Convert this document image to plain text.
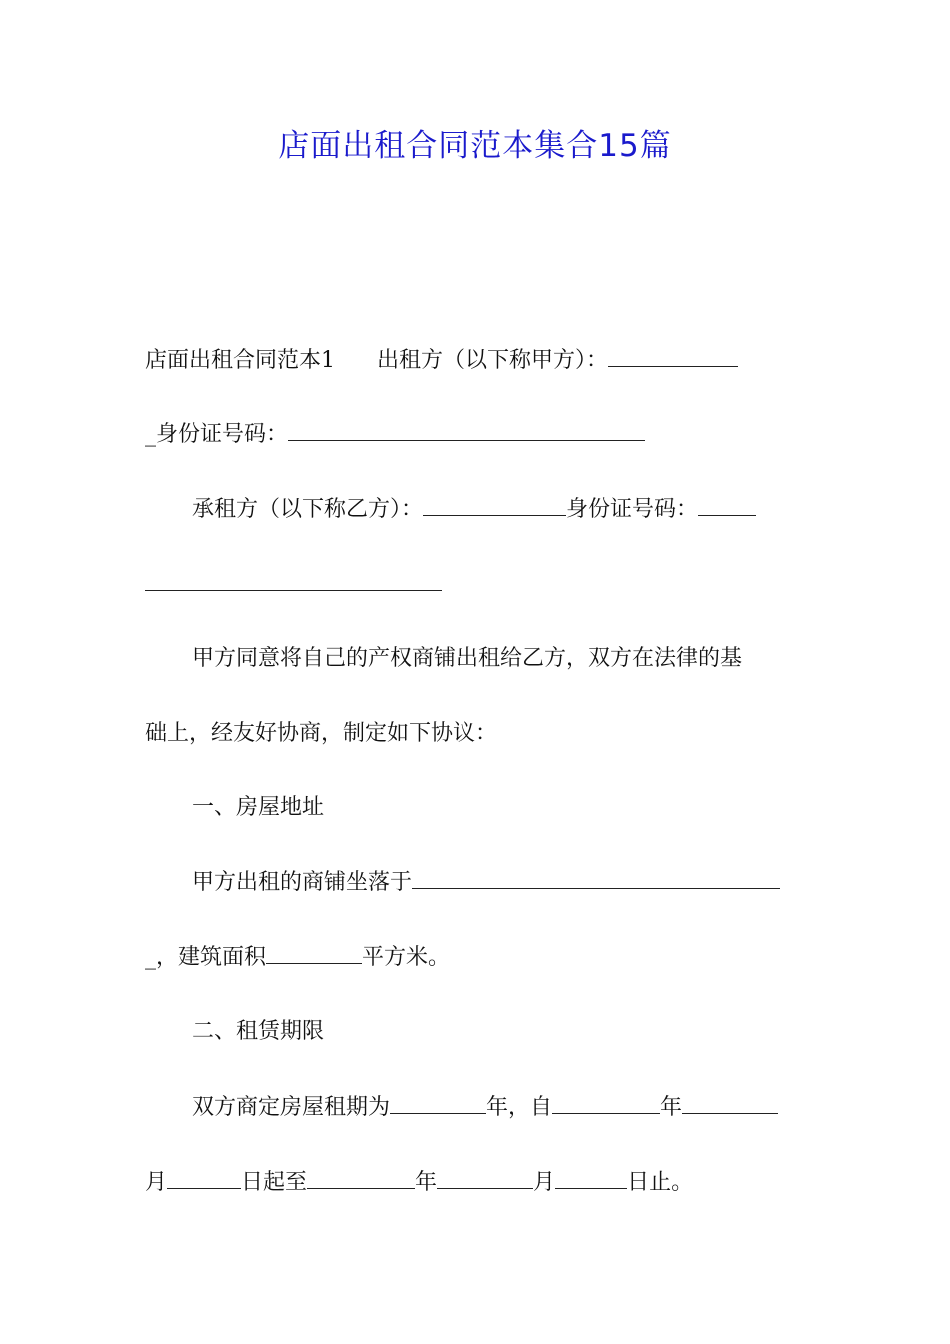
店面出租合同范本集合15篇
店面出租合同范本1 出租方（以下称甲方）：
_身份证号码：
承租方（以下称乙方）：	身份证号码：
甲方同意将自己的产权商铺出租给乙方，双方在法律的基
础上，经友好协商，制定如下协议：
一、房屋地址
甲方出租的商铺坐落于
_，建筑面积	平方米。
二、租赁期限
双方商定房屋租期为	年，自	年
月	日起至	年	月	日止。
